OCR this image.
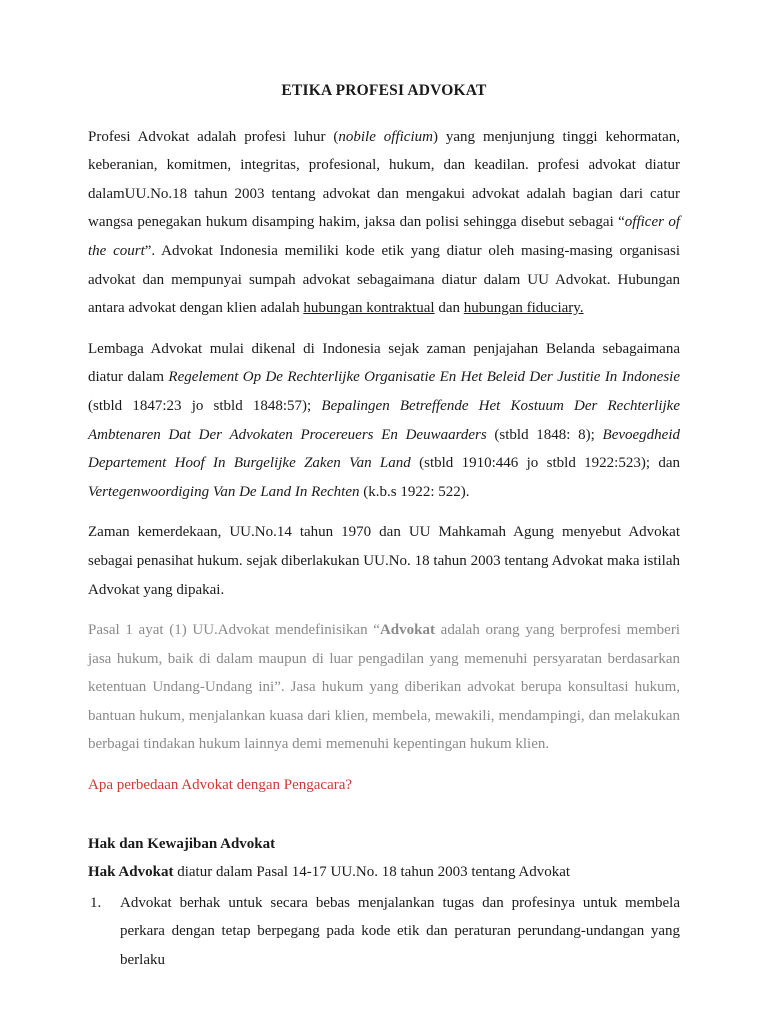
ETIKA PROFESI ADVOKAT

Profesi Advokat adalah profesi luhur (nobile officium) yang menjunjung tinggi kehormatan, keberanian, komitmen, integritas, profesional, hukum, dan keadilan. profesi advokat diatur dalamUU.No.18 tahun 2003 tentang advokat dan mengakui advokat adalah bagian dari catur wangsa penegakan hukum disamping hakim, jaksa dan polisi sehingga disebut sebagai “officer of the court”. Advokat Indonesia memiliki kode etik yang diatur oleh masing-masing organisasi advokat dan mempunyai sumpah advokat sebagaimana diatur dalam UU Advokat. Hubungan antara advokat dengan klien adalah hubungan kontraktual dan hubungan fiduciary.

Lembaga Advokat mulai dikenal di Indonesia sejak zaman penjajahan Belanda sebagaimana diatur dalam Regelement Op De Rechterlijke Organisatie En Het Beleid Der Justitie In Indonesie (stbld 1847:23 jo stbld 1848:57); Bepalingen Betreffende Het Kostuum Der Rechterlijke Ambtenaren Dat Der Advokaten Procereuers En Deuwaarders (stbld 1848: 8); Bevoegdheid Departement Hoof In Burgelijke Zaken Van Land (stbld 1910:446 jo stbld 1922:523); dan Vertegenwoordiging Van De Land In Rechten (k.b.s 1922: 522).

Zaman kemerdekaan, UU.No.14 tahun 1970 dan UU Mahkamah Agung menyebut Advokat sebagai penasihat hukum. sejak diberlakukan UU.No. 18 tahun 2003 tentang Advokat maka istilah Advokat yang dipakai.

Pasal 1 ayat (1) UU.Advokat mendefinisikan “Advokat adalah orang yang berprofesi memberi jasa hukum, baik di dalam maupun di luar pengadilan yang memenuhi persyaratan berdasarkan ketentuan Undang-Undang ini”. Jasa hukum yang diberikan advokat berupa konsultasi hukum, bantuan hukum, menjalankan kuasa dari klien, membela, mewakili, mendampingi, dan melakukan berbagai tindakan hukum lainnya demi memenuhi kepentingan hukum klien.

Apa perbedaan Advokat dengan Pengacara?

Hak dan Kewajiban Advokat

Hak Advokat diatur dalam Pasal 14-17 UU.No. 18 tahun 2003 tentang Advokat

1.	Advokat berhak untuk secara bebas menjalankan tugas dan profesinya untuk membela perkara dengan tetap berpegang pada kode etik dan peraturan perundang-undangan yang berlaku
